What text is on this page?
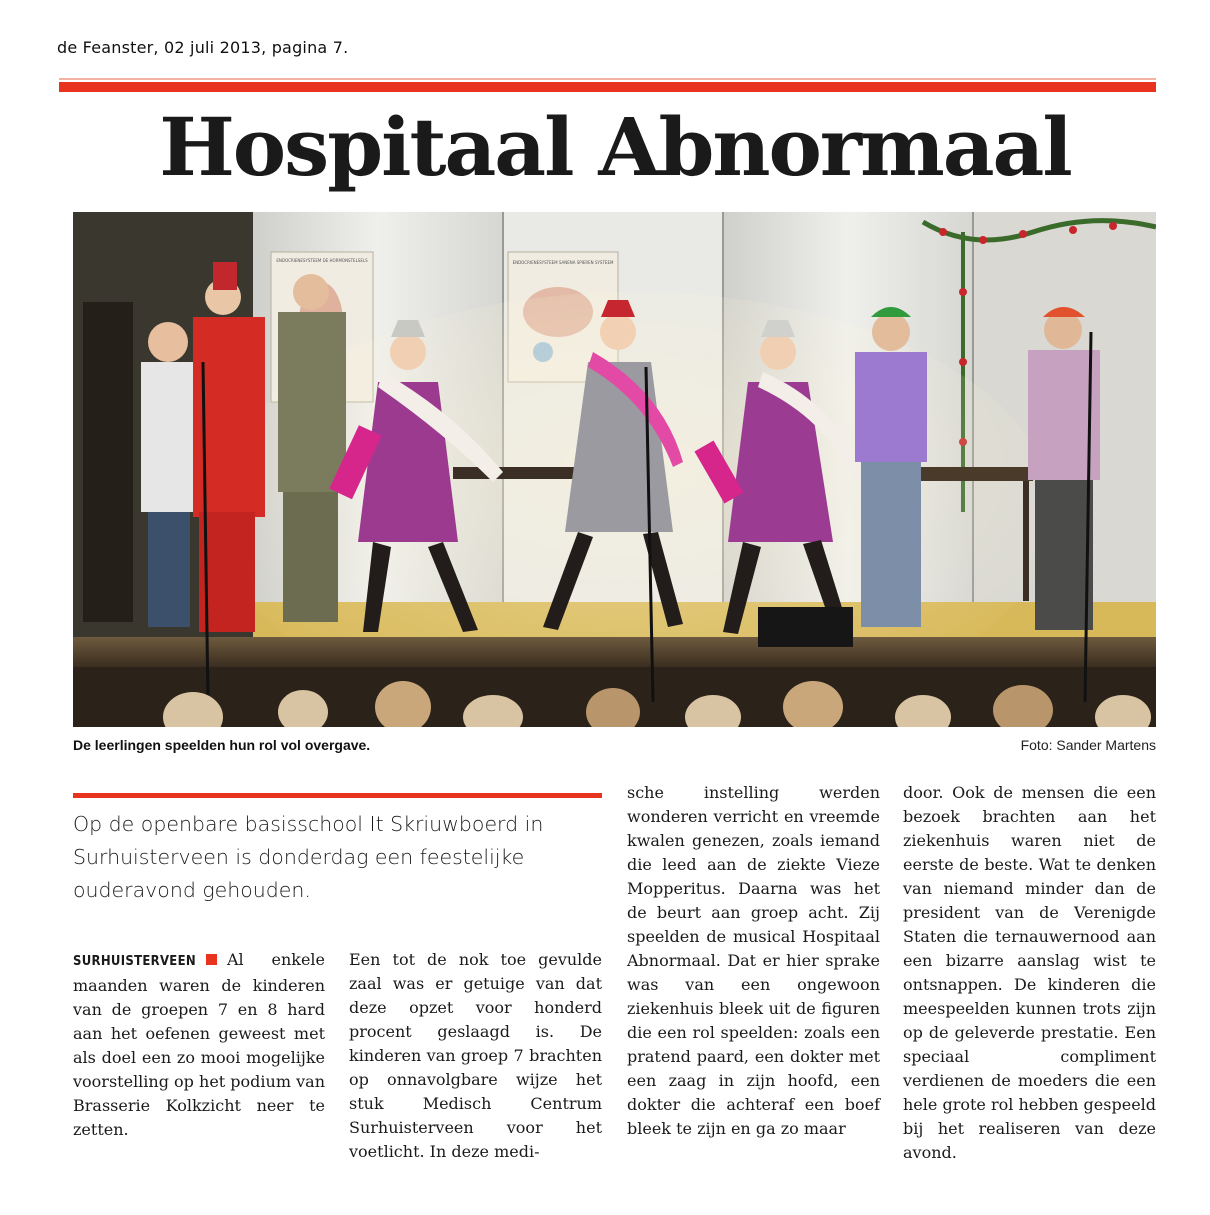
de Feanster, 02 juli 2013, pagina 7.
Hospitaal Abnormaal
ENDOCRIENESYSTEEM DE HORMONSTELSELS	ENDOCRIENESYSTEEM SANENA SPIEREN SYSTEEM
De leerlingen speelden hun rol vol overgave.	Foto: Sander Martens
Op de openbare basisschool It Skriuwboerd in Surhuisterveen is donderdag een feestelijke ouderavond gehouden.

SURHUISTERVEEN Al enkele maanden waren de kinderen van de groepen 7 en 8 hard aan het oefenen geweest met als doel een zo mooi mogelijke voorstelling op het podium van Brasserie Kolkzicht neer te zetten.

Een tot de nok toe gevulde zaal was er getuige van dat deze opzet voor honderd procent geslaagd is. De kinderen van groep 7 brachten op onnavolgbare wijze het stuk Medisch Centrum Surhuisterveen voor het voetlicht. In deze medi-

sche instelling werden wonderen verricht en vreemde kwalen genezen, zoals iemand die leed aan de ziekte Vieze Mopperitus. Daarna was het de beurt aan groep acht. Zij speelden de musical Hospitaal Abnormaal. Dat er hier sprake was van een ongewoon ziekenhuis bleek uit de figuren die een rol speelden: zoals een pratend paard, een dokter met een zaag in zijn hoofd, een dokter die achteraf een boef bleek te zijn en ga zo maar

door. Ook de mensen die een bezoek brachten aan het ziekenhuis waren niet de eerste de beste. Wat te denken van niemand minder dan de president van de Verenigde Staten die ternauwernood aan een bizarre aanslag wist te ontsnappen. De kinderen die meespeelden kunnen trots zijn op de geleverde prestatie. Een speciaal compliment verdienen de moeders die een hele grote rol hebben gespeeld bij het realiseren van deze avond.
